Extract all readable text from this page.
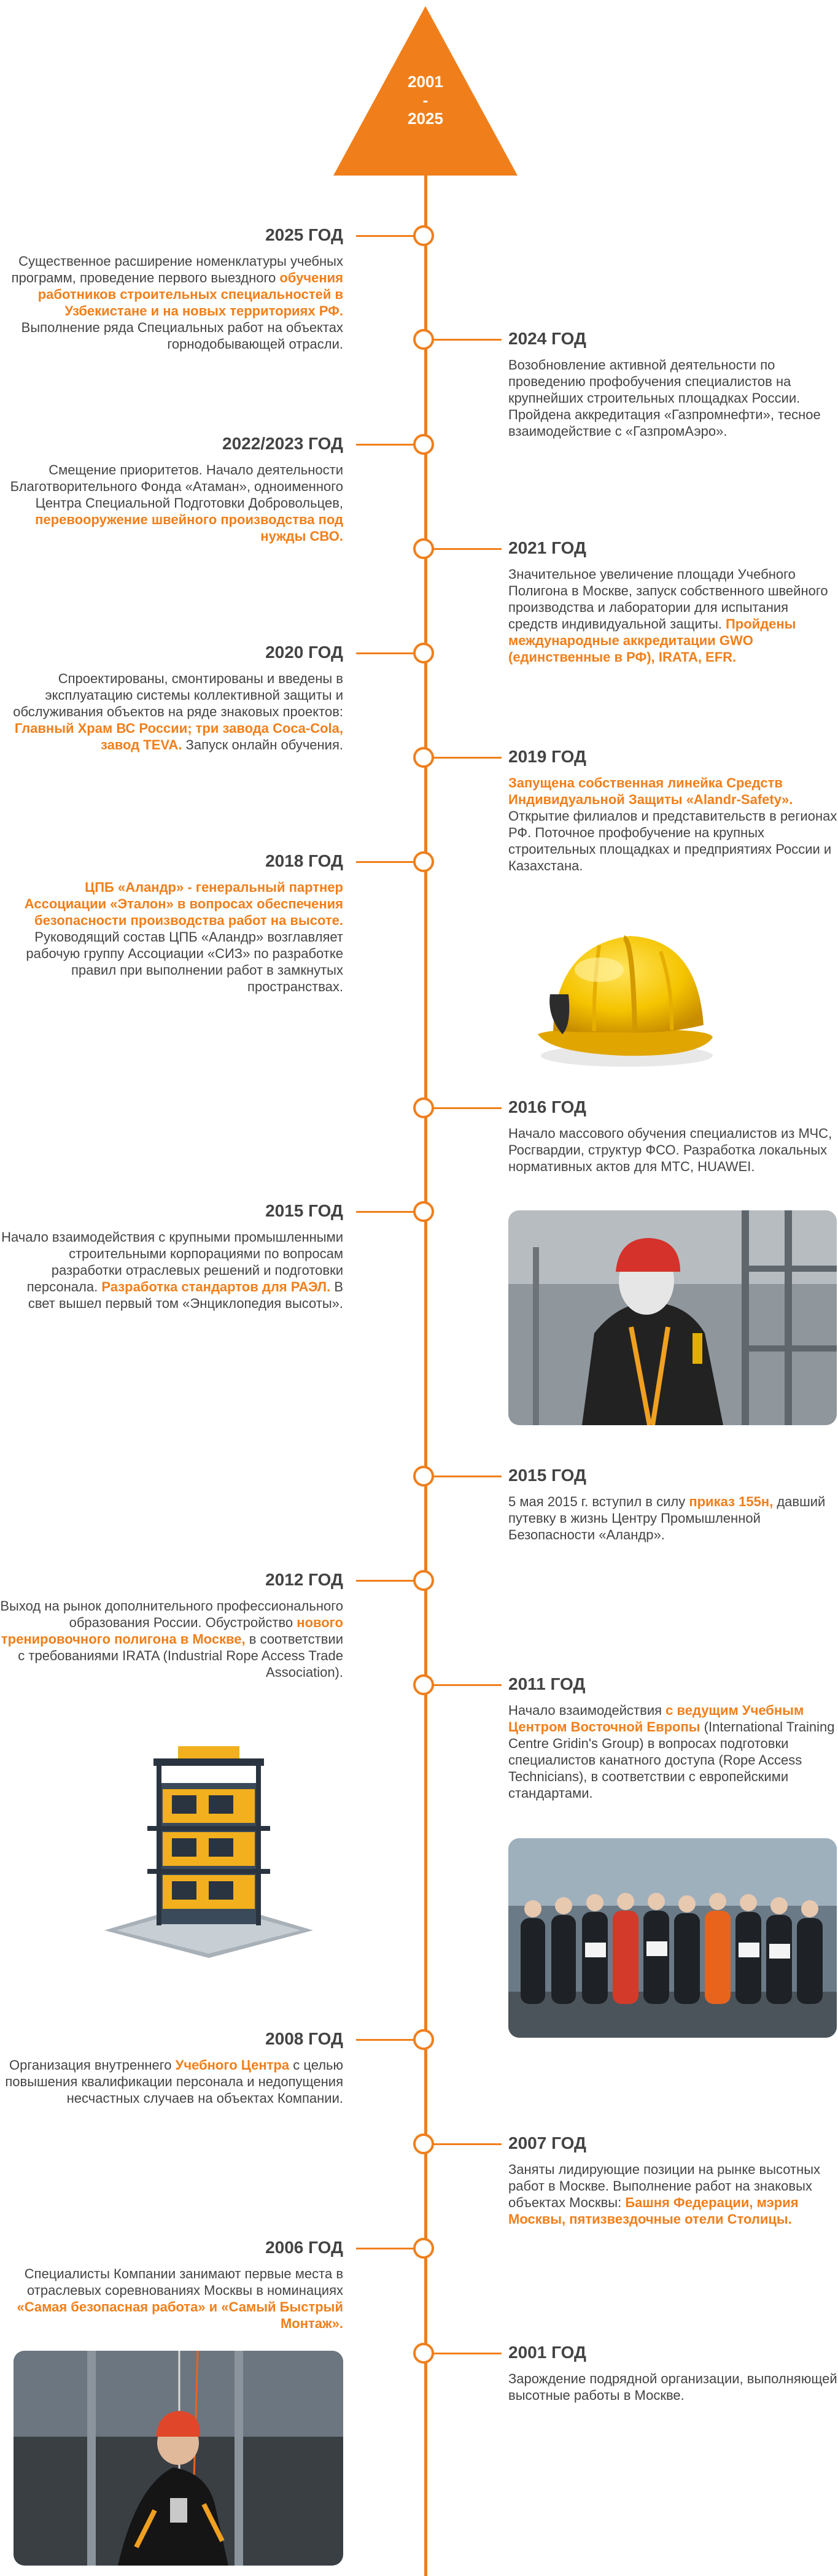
2001
-
2025
2025 ГОД
Существенное расширение номенклатуры учебных программ, проведение первого выездного обучения работников строительных специальностей в Узбекистане и на новых территориях РФ. Выполнение ряда Специальных работ на объектах горнодобывающей отрасли.	2024 ГОД
Возобновление активной деятельности по проведению профобучения специалистов на крупнейших строительных площадках России. Пройдена аккредитация «Газпромнефти», тесное взаимодействие с «ГазпромАэро».
2022/2023 ГОД
Смещение приоритетов. Начало деятельности Благотворительного Фонда «Атаман», одноименного Центра Специальной Подготовки Добровольцев, перевооружение швейного производства под нужды СВО.
2021 ГОД
Значительное увеличение площади Учебного Полигона в Москве, запуск собственного швейного производства и лаборатории для испытания средств индивидуальной защиты. Пройдены международные аккредитации GWO (единственные в РФ), IRATA, EFR.
2020 ГОД
Спроектированы, смонтированы и введены в эксплуатацию системы коллективной защиты и обслуживания объектов на ряде знаковых проектов: Главный Храм ВС России; три завода Coca-Cola, завод TEVA. Запуск онлайн обучения.
2019 ГОД
Запущена собственная линейка Средств Индивидуальной Защиты «Alandr-Safety». Открытие филиалов и представительств в регионах РФ. Поточное профобучение на крупных строительных площадках и предприятиях России и Казахстана.
2018 ГОД
ЦПБ «Аландр» - генеральный партнер Ассоциации «Эталон» в вопросах обеспечения безопасности производства работ на высоте. Руководящий состав ЦПБ «Аландр» возглавляет рабочую группу Ассоциации «СИЗ» по разработке правил при выполнении работ в замкнутых пространствах.
2016 ГОД
Начало массового обучения специалистов из МЧС, Росгвардии, структур ФСО. Разработка локальных нормативных актов для МТС, HUAWEI.
2015 ГОД
Начало взаимодействия с крупными промышленными строительными корпорациями по вопросам разработки отраслевых решений и подготовки персонала. Разработка стандартов для РАЭЛ. В свет вышел первый том «Энциклопедия высоты».
2015 ГОД
5 мая 2015 г. вступил в силу приказ 155н, давший путевку в жизнь Центру Промышленной Безопасности «Аландр».
2012 ГОД
Выход на рынок дополнительного профессионального образования России. Обустройство нового тренировочного полигона в Москве, в соответствии с требованиями IRATA (Industrial Rope Access Trade Association).
2011 ГОД
Начало взаимодействия с ведущим Учебным Центром Восточной Европы (International Training Centre Gridin's Group) в вопросах подготовки специалистов канатного доступа (Rope Access Technicians), в соответствии с европейскими стандартами.
2008 ГОД
Организация внутреннего Учебного Центра с целью повышения квалификации персонала и недопущения несчастных случаев на объектах Компании.
2007 ГОД
Заняты лидирующие позиции на рынке высотных работ в Москве. Выполнение работ на знаковых объектах Москвы: Башня Федерации, мэрия Москвы, пятизвездочные отели Столицы.
2006 ГОД
Специалисты Компании занимают первые места в отраслевых соревнованиях Москвы в номинациях «Самая безопасная работа» и «Самый Быстрый Монтаж».
2001 ГОД
Зарождение подрядной организации, выполняющей высотные работы в Москве.
